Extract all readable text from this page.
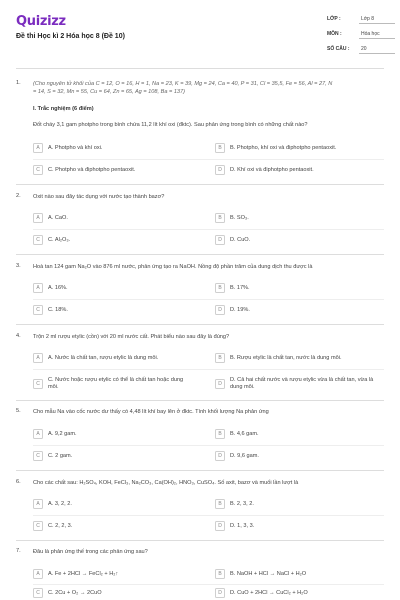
Quizizz
Đề thi Học kì 2 Hóa học 8 (Đề 10)
LỚP :	Lớp 8
MÔN :	Hóa học
SỐ CÂU : 20
1. (Cho nguyên tử khối của C = 12, O = 16, H = 1, Na = 23, K = 39, Mg = 24, Ca = 40, P = 31, Cl = 35,5, Fe = 56, Al = 27, N
= 14, S = 32, Mn = 55, Cu = 64, Zn = 65, Ag = 108, Ba = 137)
I. Trắc nghiệm (6 điểm)
Đốt cháy 3,1 gam photpho trong bình chứa 11,2 lít khí oxi (đktc). Sau phản ứng trong bình có những chất nào?
A	A. Photpho và khí oxi.	B	B. Photpho, khí oxi và điphotpho pentaoxit.
C	C. Photpho và điphotpho pentaoxit.	D	D. Khí oxi và điphotpho pentaoxit.
2. Oxit nào sau đây tác dụng với nước tạo thành bazơ?
A	A. CaO.	B	B. SO₃.
C	C. Al₂O₃.	D	D. CuO.
3. Hoà tan 124 gam Na₂O vào 876 ml nước, phản ứng tạo ra NaOH. Nồng độ phần trăm của dung dịch thu được là
A	A. 16%.	B	B. 17%.
C	C. 18%.	D	D. 19%.
4. Trộn 2 ml rượu etylic (cồn) với 20 ml nước cất. Phát biểu nào sau đây là đúng?
A	A. Nước là chất tan, rượu etylic là dung môi.	B	B. Rượu etylic là chất tan, nước là dung môi.
C
C. Nước hoặc rượu etylic có thể là chất tan hoặc dung môi.	D
D. Cả hai chất nước và rượu etylic vừa là chất tan, vừa là dung môi.
5. Cho mẫu Na vào cốc nước dư thấy có 4,48 lít khí bay lên ở đktc. Tính khối lượng Na phản ứng
A	A. 9,2 gam.	B	B. 4,6 gam.
C	C. 2 gam.	D	D. 9,6 gam.
6. Cho các chất sau: H₂SO₄, KOH, FeCl₃, Na₂CO₃, Ca(OH)₂, HNO₃, CuSO₄. Số axit, bazơ và muối lần lượt là
A	A. 3, 2, 2.	B	B. 2, 3, 2.
C	C. 2, 2, 3.	D	D. 1, 3, 3.
7. Đâu là phản ứng thế trong các phản ứng sau?
A	A. Fe + 2HCl → FeCl₂ + H₂↑	B	B. NaOH + HCl → NaCl + H₂O
C	C. 2Cu + O₂ → 2CuO	D	D. CuO + 2HCl → CuCl₂ + H₂O
